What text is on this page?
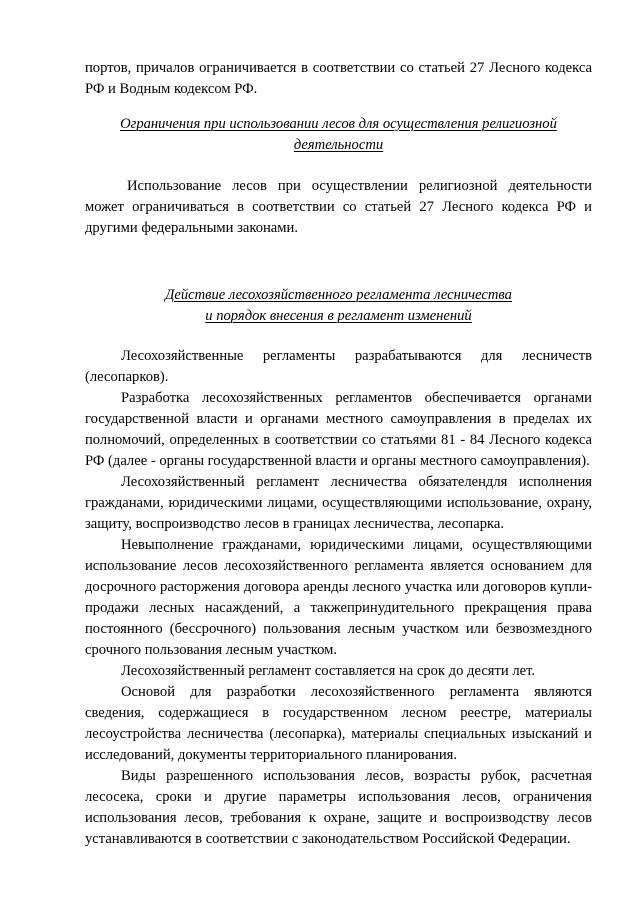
портов, причалов ограничивается в соответствии со статьей 27 Лесного кодекса РФ и Водным кодексом РФ.

Ограничения при использовании лесов для осуществления религиозной
деятельности

Использование лесов при осуществлении религиозной деятельности может ограничиваться в соответствии со статьей 27 Лесного кодекса РФ и другими федеральными законами.

Действие лесохозяйственного регламента лесничества
и порядок внесения в регламент изменений

Лесохозяйственные регламенты разрабатываются для лесничеств (лесопарков).

Разработка лесохозяйственных регламентов обеспечивается органами государственной власти и органами местного самоуправления в пределах их полномочий, определенных в соответствии со статьями 81 - 84 Лесного кодекса РФ (далее - органы государственной власти и органы местного самоуправления).

Лесохозяйственный регламент лесничества обязателендля исполнения гражданами, юридическими лицами, осуществляющими использование, охрану, защиту, воспроизводство лесов в границах лесничества, лесопарка.

Невыполнение гражданами, юридическими лицами, осуществляющими использование лесов лесохозяйственного регламента является основанием для досрочного расторжения договора аренды лесного участка или договоров купли-продажи лесных насаждений, а такжепринудительного прекращения права постоянного (бессрочного) пользования лесным участком или безвозмездного срочного пользования лесным участком.

Лесохозяйственный регламент составляется на срок до десяти лет.

Основой для разработки лесохозяйственного регламента являются сведения, содержащиеся в государственном лесном реестре, материалы лесоустройства лесничества (лесопарка), материалы специальных изысканий и исследований, документы территориального планирования.

Виды разрешенного использования лесов, возрасты рубок, расчетная лесосека, сроки и другие параметры использования лесов, ограничения использования лесов, требования к охране, защите и воспроизводству лесов устанавливаются в соответствии с законодательством Российской Федерации.
